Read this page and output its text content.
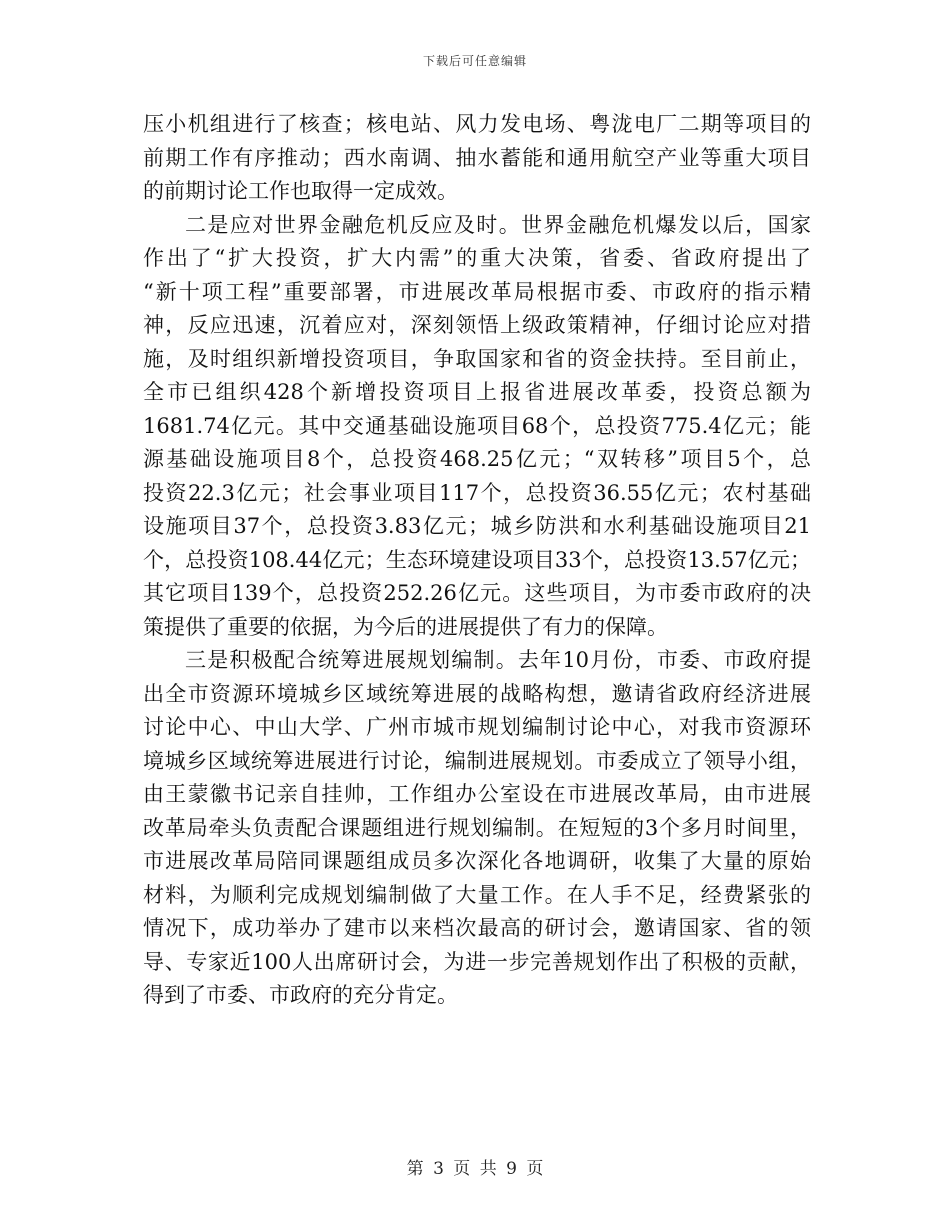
下载后可任意编辑
压小机组进行了核查；核电站、风力发电场、粤泷电厂二期等项目的
前期工作有序推动；西水南调、抽水蓄能和通用航空产业等重大项目
的前期讨论工作也取得一定成效。
二是应对世界金融危机反应及时。世界金融危机爆发以后，国家
作出了“扩大投资，扩大内需”的重大决策，省委、省政府提出了
“新十项工程”重要部署，市进展改革局根据市委、市政府的指示精
神，反应迅速，沉着应对，深刻领悟上级政策精神，仔细讨论应对措
施，及时组织新增投资项目，争取国家和省的资金扶持。至目前止，
全市已组织428个新增投资项目上报省进展改革委，投资总额为
1681.74亿元。其中交通基础设施项目68个，总投资775.4亿元；能
源基础设施项目8个，总投资468.25亿元；“双转移”项目5个，总
投资22.3亿元；社会事业项目117个，总投资36.55亿元；农村基础
设施项目37个，总投资3.83亿元；城乡防洪和水利基础设施项目21
个，总投资108.44亿元；生态环境建设项目33个，总投资13.57亿元；
其它项目139个，总投资252.26亿元。这些项目，为市委市政府的决
策提供了重要的依据，为今后的进展提供了有力的保障。
三是积极配合统筹进展规划编制。去年10月份，市委、市政府提
出全市资源环境城乡区域统筹进展的战略构想，邀请省政府经济进展
讨论中心、中山大学、广州市城市规划编制讨论中心，对我市资源环
境城乡区域统筹进展进行讨论，编制进展规划。市委成立了领导小组，
由王蒙徽书记亲自挂帅，工作组办公室设在市进展改革局，由市进展
改革局牵头负责配合课题组进行规划编制。在短短的3个多月时间里，
市进展改革局陪同课题组成员多次深化各地调研，收集了大量的原始
材料，为顺利完成规划编制做了大量工作。在人手不足，经费紧张的
情况下，成功举办了建市以来档次最高的研讨会，邀请国家、省的领
导、专家近100人出席研讨会，为进一步完善规划作出了积极的贡献，
得到了市委、市政府的充分肯定。
第 3 页 共 9 页
